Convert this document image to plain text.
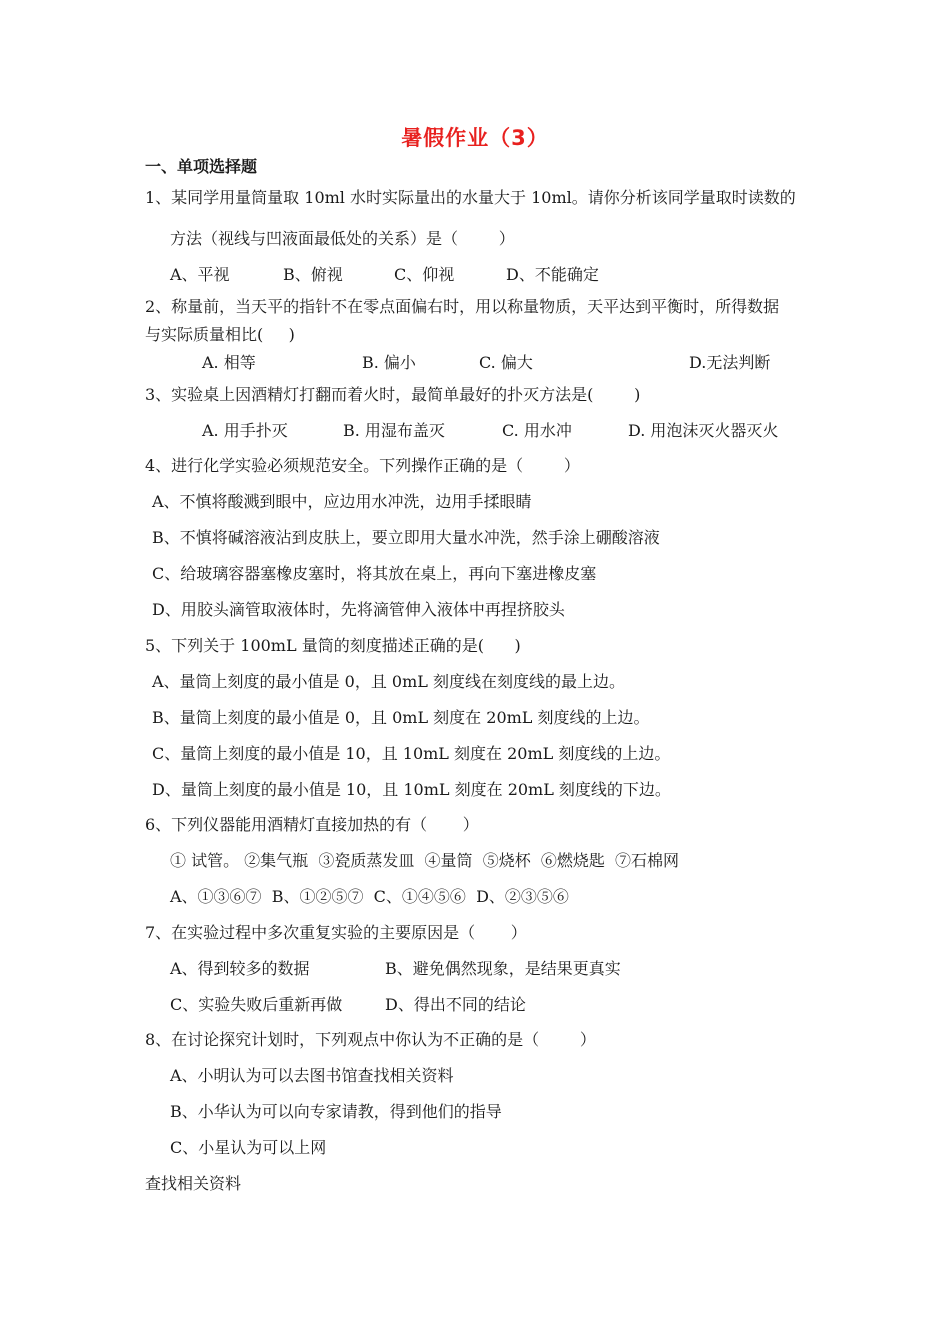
暑假作业（3）
一、单项选择题
1、某同学用量筒量取 10ml 水时实际量出的水量大于 10ml。请你分析该同学量取时读数的
方法（视线与凹液面最低处的关系）是（        ）
A、平视	B、俯视	C、仰视	D、不能确定
2、称量前，当天平的指针不在零点面偏右时，用以称量物质，天平达到平衡时，所得数据
与实际质量相比(     )
A. 相等	B. 偏小	C. 偏大	D.无法判断
3、实验桌上因酒精灯打翻而着火时，最简单最好的扑灭方法是(        )
A. 用手扑灭	B. 用湿布盖灭	C. 用水冲	D. 用泡沫灭火器灭火
4、进行化学实验必须规范安全。下列操作正确的是（        ）
A、不慎将酸溅到眼中，应边用水冲洗，边用手揉眼睛
B、不慎将碱溶液沾到皮肤上，要立即用大量水冲洗，然手涂上硼酸溶液
C、给玻璃容器塞橡皮塞时，将其放在桌上，再向下塞进橡皮塞
D、用胶头滴管取液体时，先将滴管伸入液体中再捏挤胶头
5、下列关于 100mL 量筒的刻度描述正确的是(      )
A、量筒上刻度的最小值是 0，且 0mL 刻度线在刻度线的最上边。
B、量筒上刻度的最小值是 0，且 0mL 刻度在 20mL 刻度线的上边。
C、量筒上刻度的最小值是 10，且 10mL 刻度在 20mL 刻度线的上边。
D、量筒上刻度的最小值是 10，且 10mL 刻度在 20mL 刻度线的下边。
6、下列仪器能用酒精灯直接加热的有（       ）
① 试管。 ②集气瓶  ③瓷质蒸发皿  ④量筒  ⑤烧杯  ⑥燃烧匙  ⑦石棉网
A、①③⑥⑦  B、①②⑤⑦  C、①④⑤⑥  D、②③⑤⑥
7、在实验过程中多次重复实验的主要原因是（       ）
A、得到较多的数据	B、避免偶然现象，是结果更真实
C、实验失败后重新再做	D、得出不同的结论
8、在讨论探究计划时，下列观点中你认为不正确的是（        ）
A、小明认为可以去图书馆查找相关资料
B、小华认为可以向专家请教，得到他们的指导
C、小星认为可以上网
查找相关资料
